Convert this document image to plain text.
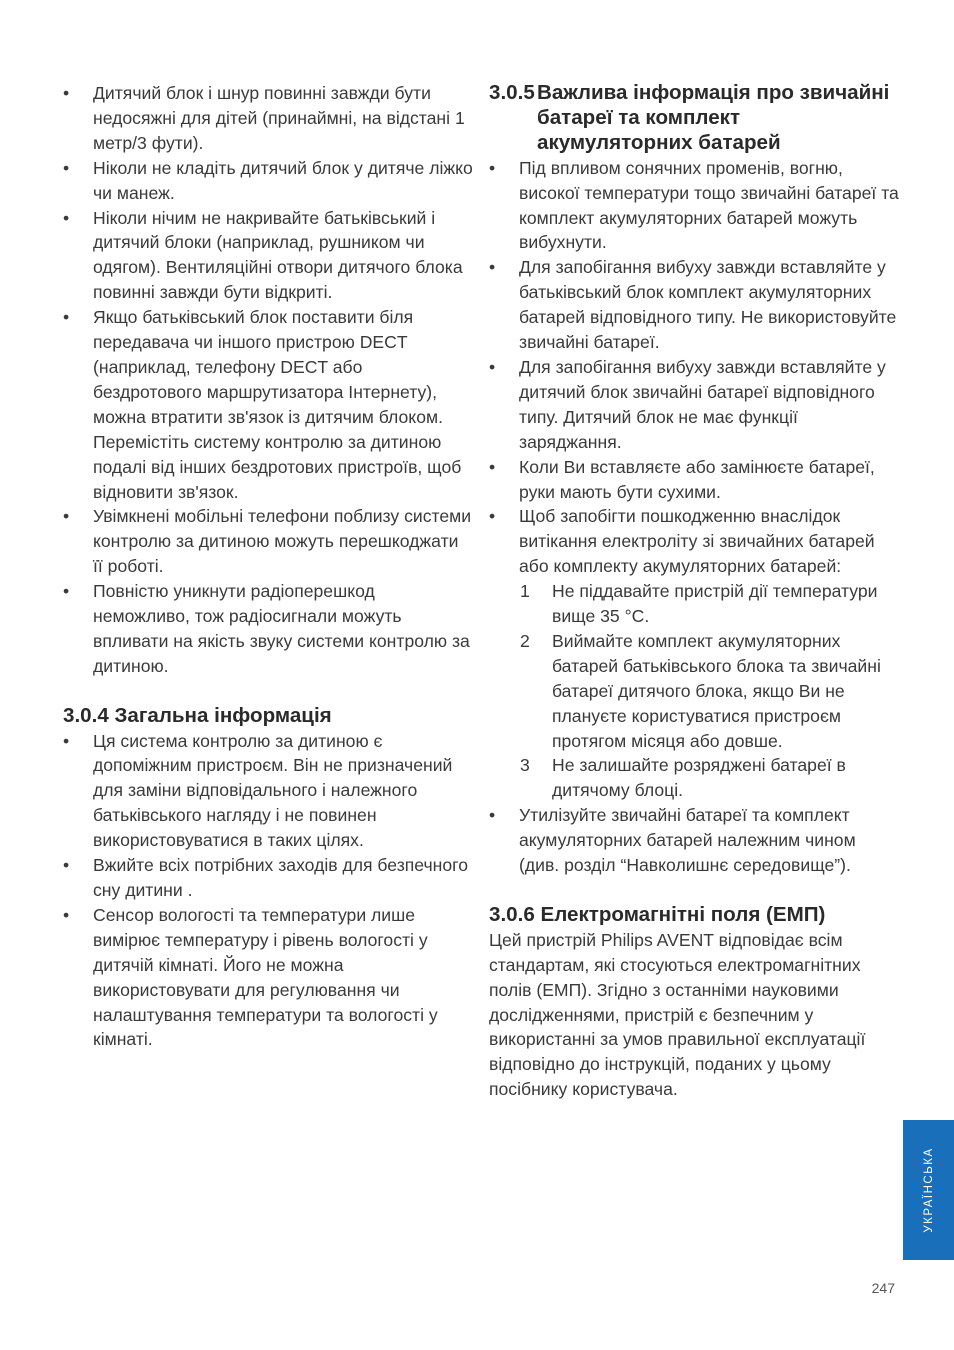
• Дитячий блок і шнур повинні завжди бути недосяжні для дітей (принаймні, на відстані 1 метр/3 фути).
• Ніколи не кладіть дитячий блок у дитяче ліжко чи манеж.
• Ніколи нічим не накривайте батьківський і дитячий блоки (наприклад, рушником чи одягом). Вентиляційні отвори дитячого блока повинні завжди бути відкриті.
• Якщо батьківський блок поставити біля передавача чи іншого пристрою DECT (наприклад, телефону DECT або бездротового маршрутизатора Інтернету), можна втратити зв'язок із дитячим блоком. Перемістіть систему контролю за дитиною подалі від інших бездротових пристроїв, щоб відновити зв'язок.
• Увімкнені мобільні телефони поблизу системи контролю за дитиною можуть перешкоджати її роботі.
• Повністю уникнути радіоперешкод неможливо, тож радіосигнали можуть впливати на якість звуку системи контролю за дитиною.
3.0.4 Загальна інформація
• Ця система контролю за дитиною є допоміжним пристроєм. Він не призначений для заміни відповідального і належного батьківського нагляду і не повинен використовуватися в таких цілях.
• Вжийте всіх потрібних заходів для безпечного сну дитини .
• Сенсор вологості та температури лише вимірює температуру і рівень вологості у дитячій кімнаті. Його не можна використовувати для регулювання чи налаштування температури та вологості у кімнаті.
3.0.5 Важлива інформація про звичайні батареї та комплект акумуляторних батарей
• Під впливом сонячних променів, вогню, високої температури тощо звичайні батареї та комплект акумуляторних батарей можуть вибухнути.
• Для запобігання вибуху завжди вставляйте у батьківський блок комплект акумуляторних батарей відповідного типу. Не використовуйте звичайні батареї.
• Для запобігання вибуху завжди вставляйте у дитячий блок звичайні батареї відповідного типу. Дитячий блок не має функції заряджання.
• Коли Ви вставляєте або замінюєте батареї, руки мають бути сухими.
• Щоб запобігти пошкодженню внаслідок витікання електроліту зі звичайних батарей або комплекту акумуляторних батарей:
1 Не піддавайте пристрій дії температури вище 35 °C.
2 Виймайте комплект акумуляторних батарей батьківського блока та звичайні батареї дитячого блока, якщо Ви не плануєте користуватися пристроєм протягом місяця або довше.
3 Не залишайте розряджені батареї в дитячому блоці.
• Утилізуйте звичайні батареї та комплект акумуляторних батарей належним чином (див. розділ “Навколишнє середовище”).
3.0.6 Електромагнітні поля (ЕМП)

Цей пристрій Philips AVENT відповідає всім стандартам, які стосуються електромагнітних полів (ЕМП). Згідно з останніми науковими дослідженнями, пристрій є безпечним у використанні за умов правильної експлуатації відповідно до інструкцій, поданих у цьому посібнику користувача.

УКРАЇНСЬКА
247
